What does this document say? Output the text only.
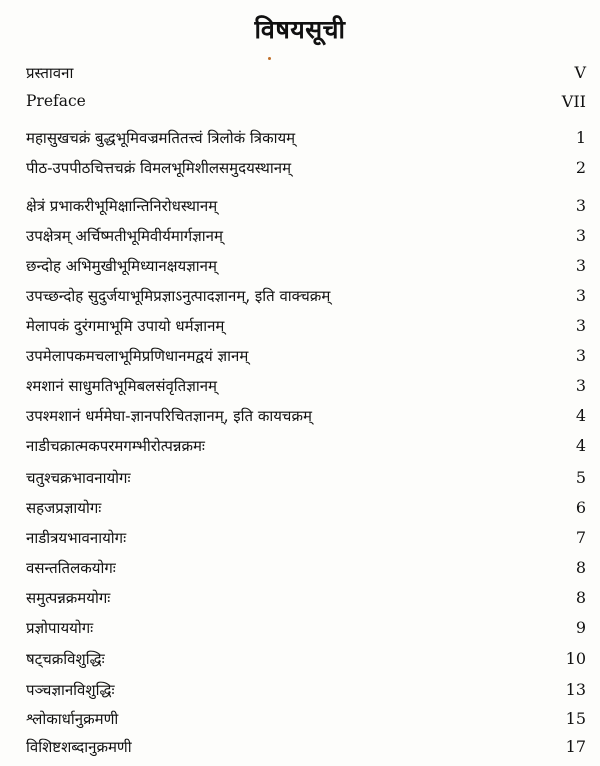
विषयसूची
प्रस्तावना	V
Preface	VII
महासुखचक्रं बुद्धभूमिवज्रमतितत्त्वं त्रिलोकं त्रिकायम्	1
पीठ-उपपीठचित्तचक्रं विमलभूमिशीलसमुदयस्थानम्	2
क्षेत्रं प्रभाकरीभूमिक्षान्तिनिरोधस्थानम्	3
उपक्षेत्रम् अर्चिष्मतीभूमिवीर्यमार्गज्ञानम्	3
छन्दोह अभिमुखीभूमिध्यानक्षयज्ञानम्	3
उपच्छन्दोह सुदुर्जयाभूमिप्रज्ञाऽनुत्पादज्ञानम्, इति वाक्चक्रम्	3
मेलापकं दुरंगमाभूमि उपायो धर्मज्ञानम्	3
उपमेलापकमचलाभूमिप्रणिधानमद्वयं ज्ञानम्	3
श्मशानं साधुमतिभूमिबलसंवृतिज्ञानम्	3
उपश्मशानं धर्ममेघा-ज्ञानपरिचितज्ञानम्, इति कायचक्रम्	4
नाडीचक्रात्मकपरमगम्भीरोत्पन्नक्रमः	4
चतुश्चक्रभावनायोगः	5
सहजप्रज्ञायोगः	6
नाडीत्रयभावनायोगः	7
वसन्ततिलकयोगः	8
समुत्पन्नक्रमयोगः	8
प्रज्ञोपाययोगः	9
षट्चक्रविशुद्धिः	10
पञ्चज्ञानविशुद्धिः	13
श्लोकार्धानुक्रमणी	15
विशिष्टशब्दानुक्रमणी	17
